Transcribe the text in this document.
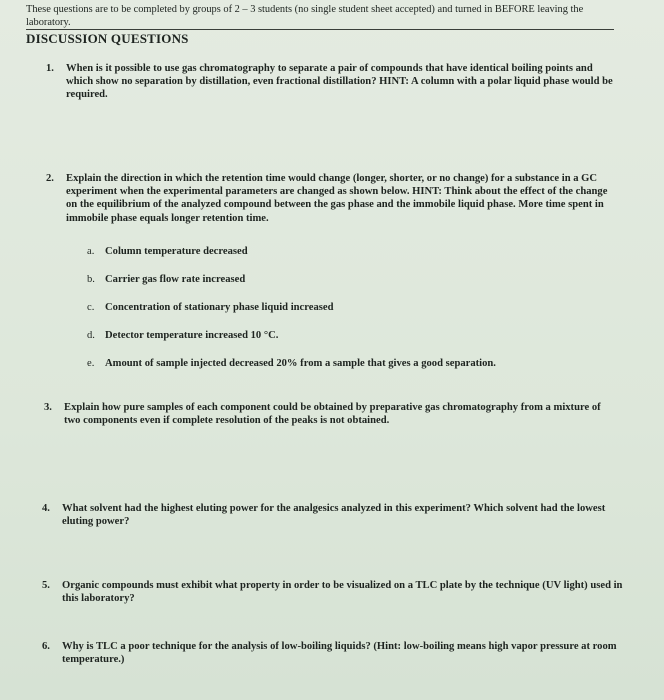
These questions are to be completed by groups of 2 – 3 students (no single student sheet accepted) and turned in BEFORE leaving the laboratory.
DISCUSSION QUESTIONS
1.	When is it possible to use gas chromatography to separate a pair of compounds that have identical boiling points and which show no separation by distillation, even fractional distillation? HINT: A column with a polar liquid phase would be required.
2.	Explain the direction in which the retention time would change (longer, shorter, or no change) for a substance in a GC experiment when the experimental parameters are changed as shown below. HINT: Think about the effect of the change on the equilibrium of the analyzed compound between the gas phase and the immobile liquid phase. More time spent in immobile phase equals longer retention time.
a. Column temperature decreased
b. Carrier gas flow rate increased
c. Concentration of stationary phase liquid increased
d. Detector temperature increased 10 °C.
e. Amount of sample injected decreased 20% from a sample that gives a good separation.
3.	Explain how pure samples of each component could be obtained by preparative gas chromatography from a mixture of two components even if complete resolution of the peaks is not obtained.
4.	What solvent had the highest eluting power for the analgesics analyzed in this experiment? Which solvent had the lowest eluting power?
5.	Organic compounds must exhibit what property in order to be visualized on a TLC plate by the technique (UV light) used in this laboratory?
6.	Why is TLC a poor technique for the analysis of low-boiling liquids? (Hint: low-boiling means high vapor pressure at room temperature.)
